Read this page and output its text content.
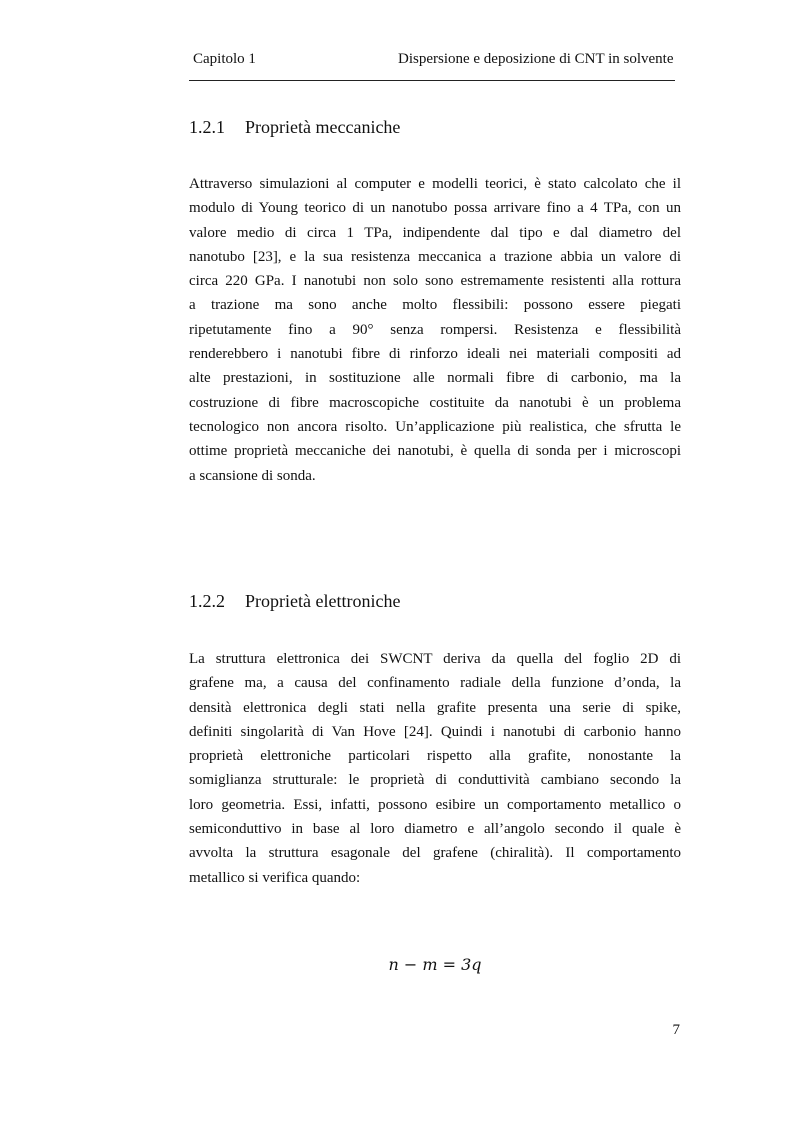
Capitolo 1	Dispersione e deposizione di CNT in solvente
1.2.1 Proprietà meccaniche
Attraverso simulazioni al computer e modelli teorici, è stato calcolato che il
modulo di Young teorico di un nanotubo possa arrivare fino a 4 TPa, con un
valore medio di circa 1 TPa, indipendente dal tipo e dal diametro del
nanotubo [23], e la sua resistenza meccanica a trazione abbia un valore di
circa 220 GPa. I nanotubi non solo sono estremamente resistenti alla rottura
a trazione ma sono anche molto flessibili: possono essere piegati
ripetutamente fino a 90° senza rompersi. Resistenza e flessibilità
renderebbero i nanotubi fibre di rinforzo ideali nei materiali compositi ad
alte prestazioni, in sostituzione alle normali fibre di carbonio, ma la
costruzione di fibre macroscopiche costituite da nanotubi è un problema
tecnologico non ancora risolto. Un’applicazione più realistica, che sfrutta le
ottime proprietà meccaniche dei nanotubi, è quella di sonda per i microscopi
a scansione di sonda.
1.2.2 Proprietà elettroniche
La struttura elettronica dei SWCNT deriva da quella del foglio 2D di
grafene ma, a causa del confinamento radiale della funzione d’onda, la
densità elettronica degli stati nella grafite presenta una serie di spike,
definiti singolarità di Van Hove [24]. Quindi i nanotubi di carbonio hanno
proprietà elettroniche particolari rispetto alla grafite, nonostante la
somiglianza strutturale: le proprietà di conduttività cambiano secondo la
loro geometria. Essi, infatti, possono esibire un comportamento metallico o
semiconduttivo in base al loro diametro e all’angolo secondo il quale è
avvolta la struttura esagonale del grafene (chiralità). Il comportamento
metallico si verifica quando:
n − m = 3q
7
